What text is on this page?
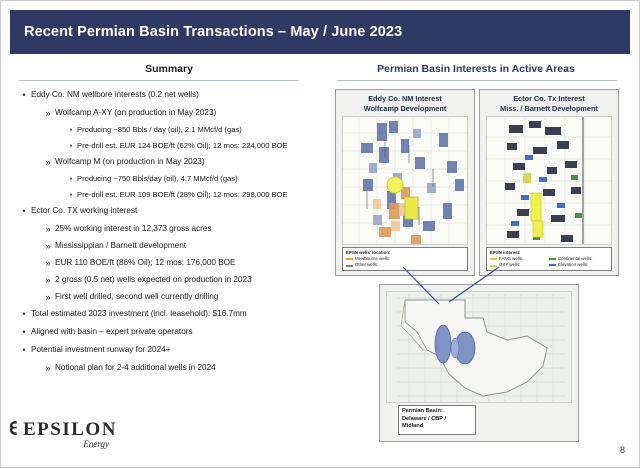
Recent Permian Basin Transactions – May / June 2023
Summary	Permian Basin Interests in Active Areas
• Eddy Co. NM wellbore interests (0.2 net wells)
» Wolfcamp A-XY (on production in May 2023)
• Producing ~850 Bbls / day (oil), 2.1 MMcf/d (gas)
• Pre-drill est. EUR 124 BOE/ft (62% Oil); 12 mos: 224,000 BOE
» Wolfcamp M (on production in May 2023)
• Producing ~750 Bbls/day (oil), 4.7 MMcf/d (gas)
• Pre-drill est. EUR 109 BOE/ft (28% Oil); 12 mos: 298,000 BOE
• Ector Co. TX working interest
» 25% working interest in 12,373 gross acres
» Mississippian / Barnett development
» EUR 110 BOE/ft (86% Oil); 12 mos: 176,000 BOE
» 2 gross (0.5 net) wells expected on production in 2023
» First well drilled, second well currently drilling
• Total estimated 2023 investment (incl. leasehold): $16.7mm
• Aligned with basin – expert private operators
• Potential investment runway for 2024+
» Notional plan for 2-4 additional wells in 2024
Eddy Co. NM Interest
Wolfcamp Development
EPSN wells' location:
Mewbourne wells:
Other wells:
Ector Co. Tx Interest
Miss. / Barnett Development
EPSN interest:
FANG wells:
OXY wells:
Continental wells:
Elevation wells:
Permian Basin:
Delaware / CBP /
Midland
EPSILON
Energy
8
